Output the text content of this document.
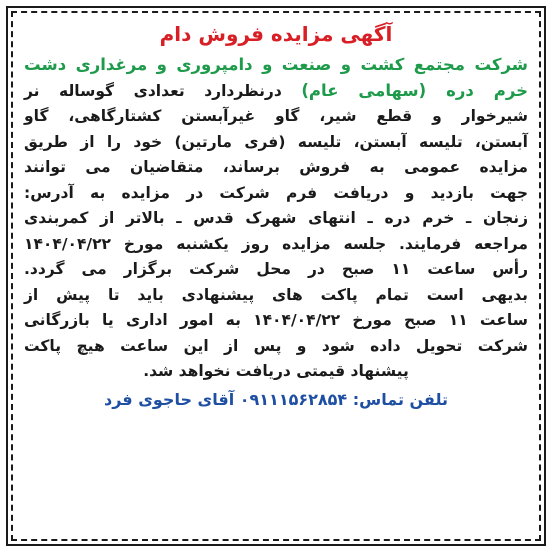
آگهی مزایده فروش دام
شرکت مجتمع کشت و صنعت و دامپروری و مرغداری دشت
خرم دره (سهامی عام) درنظردارد تعدادی گوساله نر
شیرخوار و قطع شیر، گاو غیرآبستن کشتارگاهی، گاو
آبستن، تلیسه آبستن، تلیسه (فری مارتین) خود را از طریق
مزایده عمومی به فروش برساند، متقاضیان می توانند
جهت بازدید و دریافت فرم شرکت در مزایده به آدرس:
زنجان ـ خرم دره ـ انتهای شهرک قدس ـ بالاتر از کمربندی
مراجعه فرمایند. جلسه مزایده روز یکشنبه مورخ ۱۴۰۴/۰۴/۲۲
رأس ساعت ۱۱ صبح در محل شرکت برگزار می گردد.
بدیهی است تمام پاکت های پیشنهادی باید تا پیش از
ساعت ۱۱ صبح مورخ ۱۴۰۴/۰۴/۲۲ به امور اداری یا بازرگانی
شرکت تحویل داده شود و پس از این ساعت هیچ پاکت
پیشنهاد قیمتی دریافت نخواهد شد.
تلفن تماس: ۰۹۱۱۱۵۶۲۸۵۴ آقای حاجوی فرد
